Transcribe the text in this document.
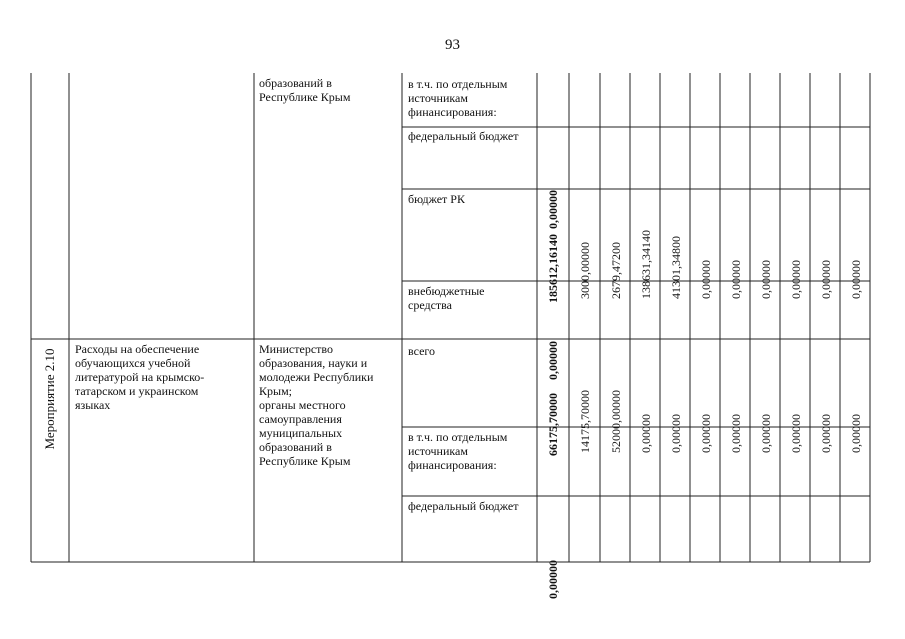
93
образований в
Республике Крым
в т.ч. по отдельным
источникам
финансирования:
федеральный бюджет
0,00000
бюджет РК
185612,16140 3000,00000 2679,47200 138631,34140 41301,34800 0,00000 0,00000 0,00000 0,00000 0,00000 0,00000
внебюджетные
средства
0,00000
Мероприятие 2.10 Расходы на обеспечение
обучающихся учебной
литературой на крымско-
татарском и украинском
языках
Министерство
образования, науки и
молодежи Республики
Крым;
органы местного
самоуправления
муниципальных
образований в
Республике Крым
всего
66175,70000 14175,70000 52000,00000 0,00000 0,00000 0,00000 0,00000 0,00000 0,00000 0,00000 0,00000
в т.ч. по отдельным
источникам
финансирования:
федеральный бюджет
0,00000
